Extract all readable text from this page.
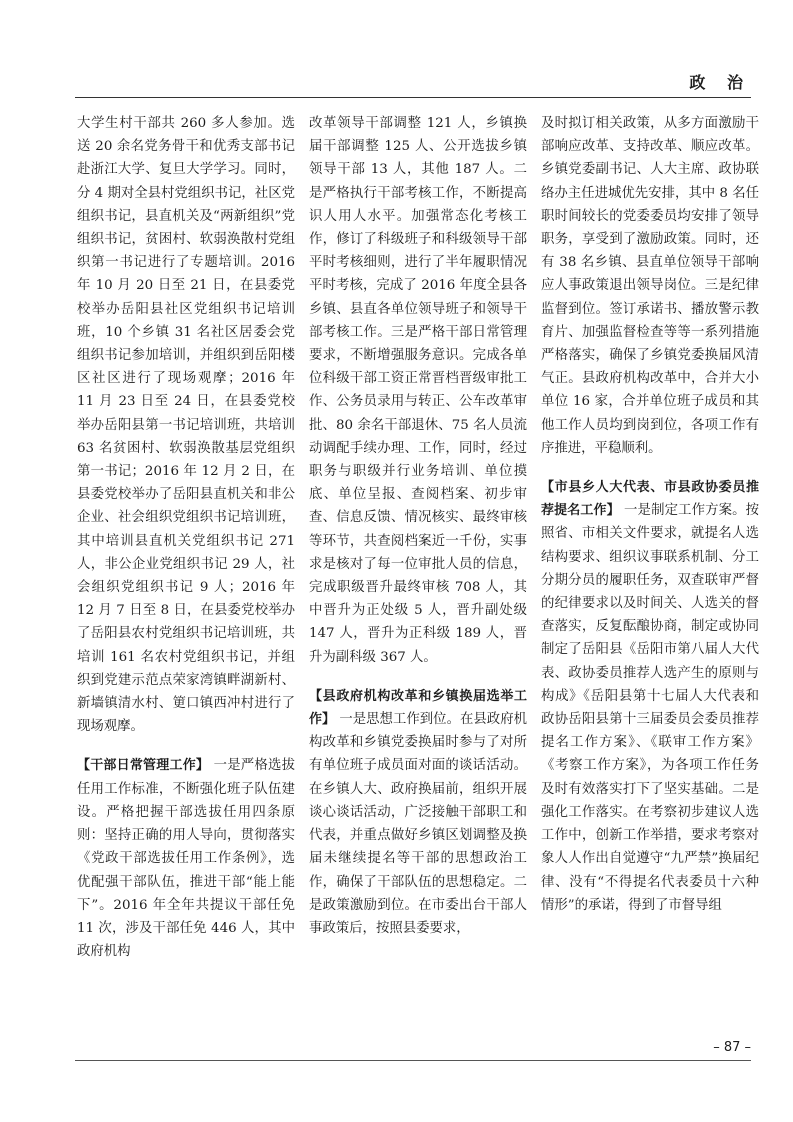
政 治

大学生村干部共 260 多人参加。选送 20 余名党务骨干和优秀支部书记赴浙江大学、复旦大学学习。同时，分 4 期对全县村党组织书记，社区党组织书记，县直机关及“两新组织”党组织书记，贫困村、软弱涣散村党组织第一书记进行了专题培训。2016 年 10 月 20 日至 21 日，在县委党校举办岳阳县社区党组织书记培训班，10 个乡镇 31 名社区居委会党组织书记参加培训，并组织到岳阳楼区社区进行了现场观摩；2016 年 11 月 23 日至 24 日，在县委党校举办岳阳县第一书记培训班，共培训 63 名贫困村、软弱涣散基层党组织第一书记；2016 年 12 月 2 日，在县委党校举办了岳阳县直机关和非公企业、社会组织党组织书记培训班，其中培训县直机关党组织书记 271 人，非公企业党组织书记 29 人，社会组织党组织书记 9 人；2016 年 12 月 7 日至 8 日，在县委党校举办了岳阳县农村党组织书记培训班，共培训 161 名农村党组织书记，并组织到党建示范点荣家湾镇畔湖新村、新墙镇清水村、筻口镇西冲村进行了现场观摩。

【干部日常管理工作】 一是严格选拔任用工作标准，不断强化班子队伍建设。严格把握干部选拔任用四条原则：坚持正确的用人导向，贯彻落实《党政干部选拔任用工作条例》，选优配强干部队伍，推进干部“能上能下”。2016 年全年共提议干部任免 11 次，涉及干部任免 446 人，其中政府机构

改革领导干部调整 121 人，乡镇换届干部调整 125 人、公开选拔乡镇领导干部 13 人，其他 187 人。二是严格执行干部考核工作，不断提高识人用人水平。加强常态化考核工作，修订了科级班子和科级领导干部平时考核细则，进行了半年履职情况平时考核，完成了 2016 年度全县各乡镇、县直各单位领导班子和领导干部考核工作。三是严格干部日常管理要求，不断增强服务意识。完成各单位科级干部工资正常晋档晋级审批工作、公务员录用与转正、公车改革审批、80 余名干部退休、75 名人员流动调配手续办理、工作，同时，经过职务与职级并行业务培训、单位摸底、单位呈报、查阅档案、初步审查、信息反馈、情况核实、最终审核等环节，共查阅档案近一千份，实事求是核对了每一位审批人员的信息，完成职级晋升最终审核 708 人，其中晋升为正处级 5 人，晋升副处级 147 人，晋升为正科级 189 人，晋升为副科级 367 人。

【县政府机构改革和乡镇换届选举工作】 一是思想工作到位。在县政府机构改革和乡镇党委换届时参与了对所有单位班子成员面对面的谈话活动。在乡镇人大、政府换届前，组织开展谈心谈话活动，广泛接触干部职工和代表，并重点做好乡镇区划调整及换届未继续提名等干部的思想政治工作，确保了干部队伍的思想稳定。二是政策激励到位。在市委出台干部人事政策后，按照县委要求，

及时拟订相关政策，从多方面激励干部响应改革、支持改革、顺应改革。乡镇党委副书记、人大主席、政协联络办主任进城优先安排，其中 8 名任职时间较长的党委委员均安排了领导职务，享受到了激励政策。同时，还有 38 名乡镇、县直单位领导干部响应人事政策退出领导岗位。三是纪律监督到位。签订承诺书、播放警示教育片、加强监督检查等等一系列措施严格落实，确保了乡镇党委换届风清气正。县政府机构改革中，合并大小单位 16 家，合并单位班子成员和其他工作人员均到岗到位，各项工作有序推进，平稳顺利。

【市县乡人大代表、市县政协委员推荐提名工作】 一是制定工作方案。按照省、市相关文件要求，就提名人选结构要求、组织议事联系机制、分工分期分员的履职任务，双查联审严督的纪律要求以及时间关、人选关的督查落实，反复酝酿协商，制定或协同制定了岳阳县《岳阳市第八届人大代表、政协委员推荐人选产生的原则与构成》《岳阳县第十七届人大代表和政协岳阳县第十三届委员会委员推荐提名工作方案》、《联审工作方案》《考察工作方案》，为各项工作任务及时有效落实打下了坚实基础。二是强化工作落实。在考察初步建议人选工作中，创新工作举措，要求考察对象人人作出自觉遵守“九严禁”换届纪律、没有“不得提名代表委员十六种情形”的承诺，得到了市督导组

– 87 –
